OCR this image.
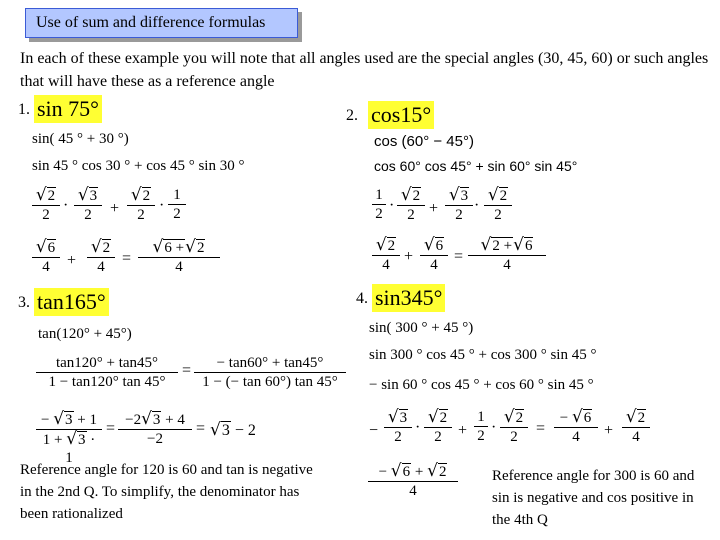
Use of sum and difference formulas
In each of these example you will note that all angles used are the special angles (30, 45, 60) or such angles that will have these as a reference angle
1. sin 75°
sin( 45 ° + 30 °)
sin 45 ° cos 30 ° + cos 45 ° sin 30 °
√2
2
·
√3
2	+
√2
2
·
1
2
√6
4	+
√2
4	=
√6 +√2
4
2. cos15°
cos (60° − 45°)
cos 60° cos 45° + sin 60° sin 45°
1
2 ·
√2
2 +
√3
2
·
√2
2
√2
4 +
√6
4	=
√2 +√6
4
3. tan165°
tan(120° + 45°)
tan120° + tan45°
1 − tan120° tan 45°
=	− tan60° + tan45°
1 − (− tan 60°) tan 45°
− √3 + 1
1 + √3 · 1
= −2√3 + 4
−2
= √3 − 2
Reference angle for 120 is 60 and tan is negative in the 2nd Q. To simplify, the denominator has been rationalized
4. sin345°
sin( 300 ° + 45 °)
sin 300 ° cos 45 ° + cos 300 ° sin 45 °
− sin 60 ° cos 45 ° + cos 60 ° sin 45 °
−
√3
2
·
√2
2	+
1
2 ·
√2
2	=
− √6
4	+
√2
4
− √6 + √2
4
Reference angle for 300 is 60 and sin is negative and cos positive in the 4th Q
